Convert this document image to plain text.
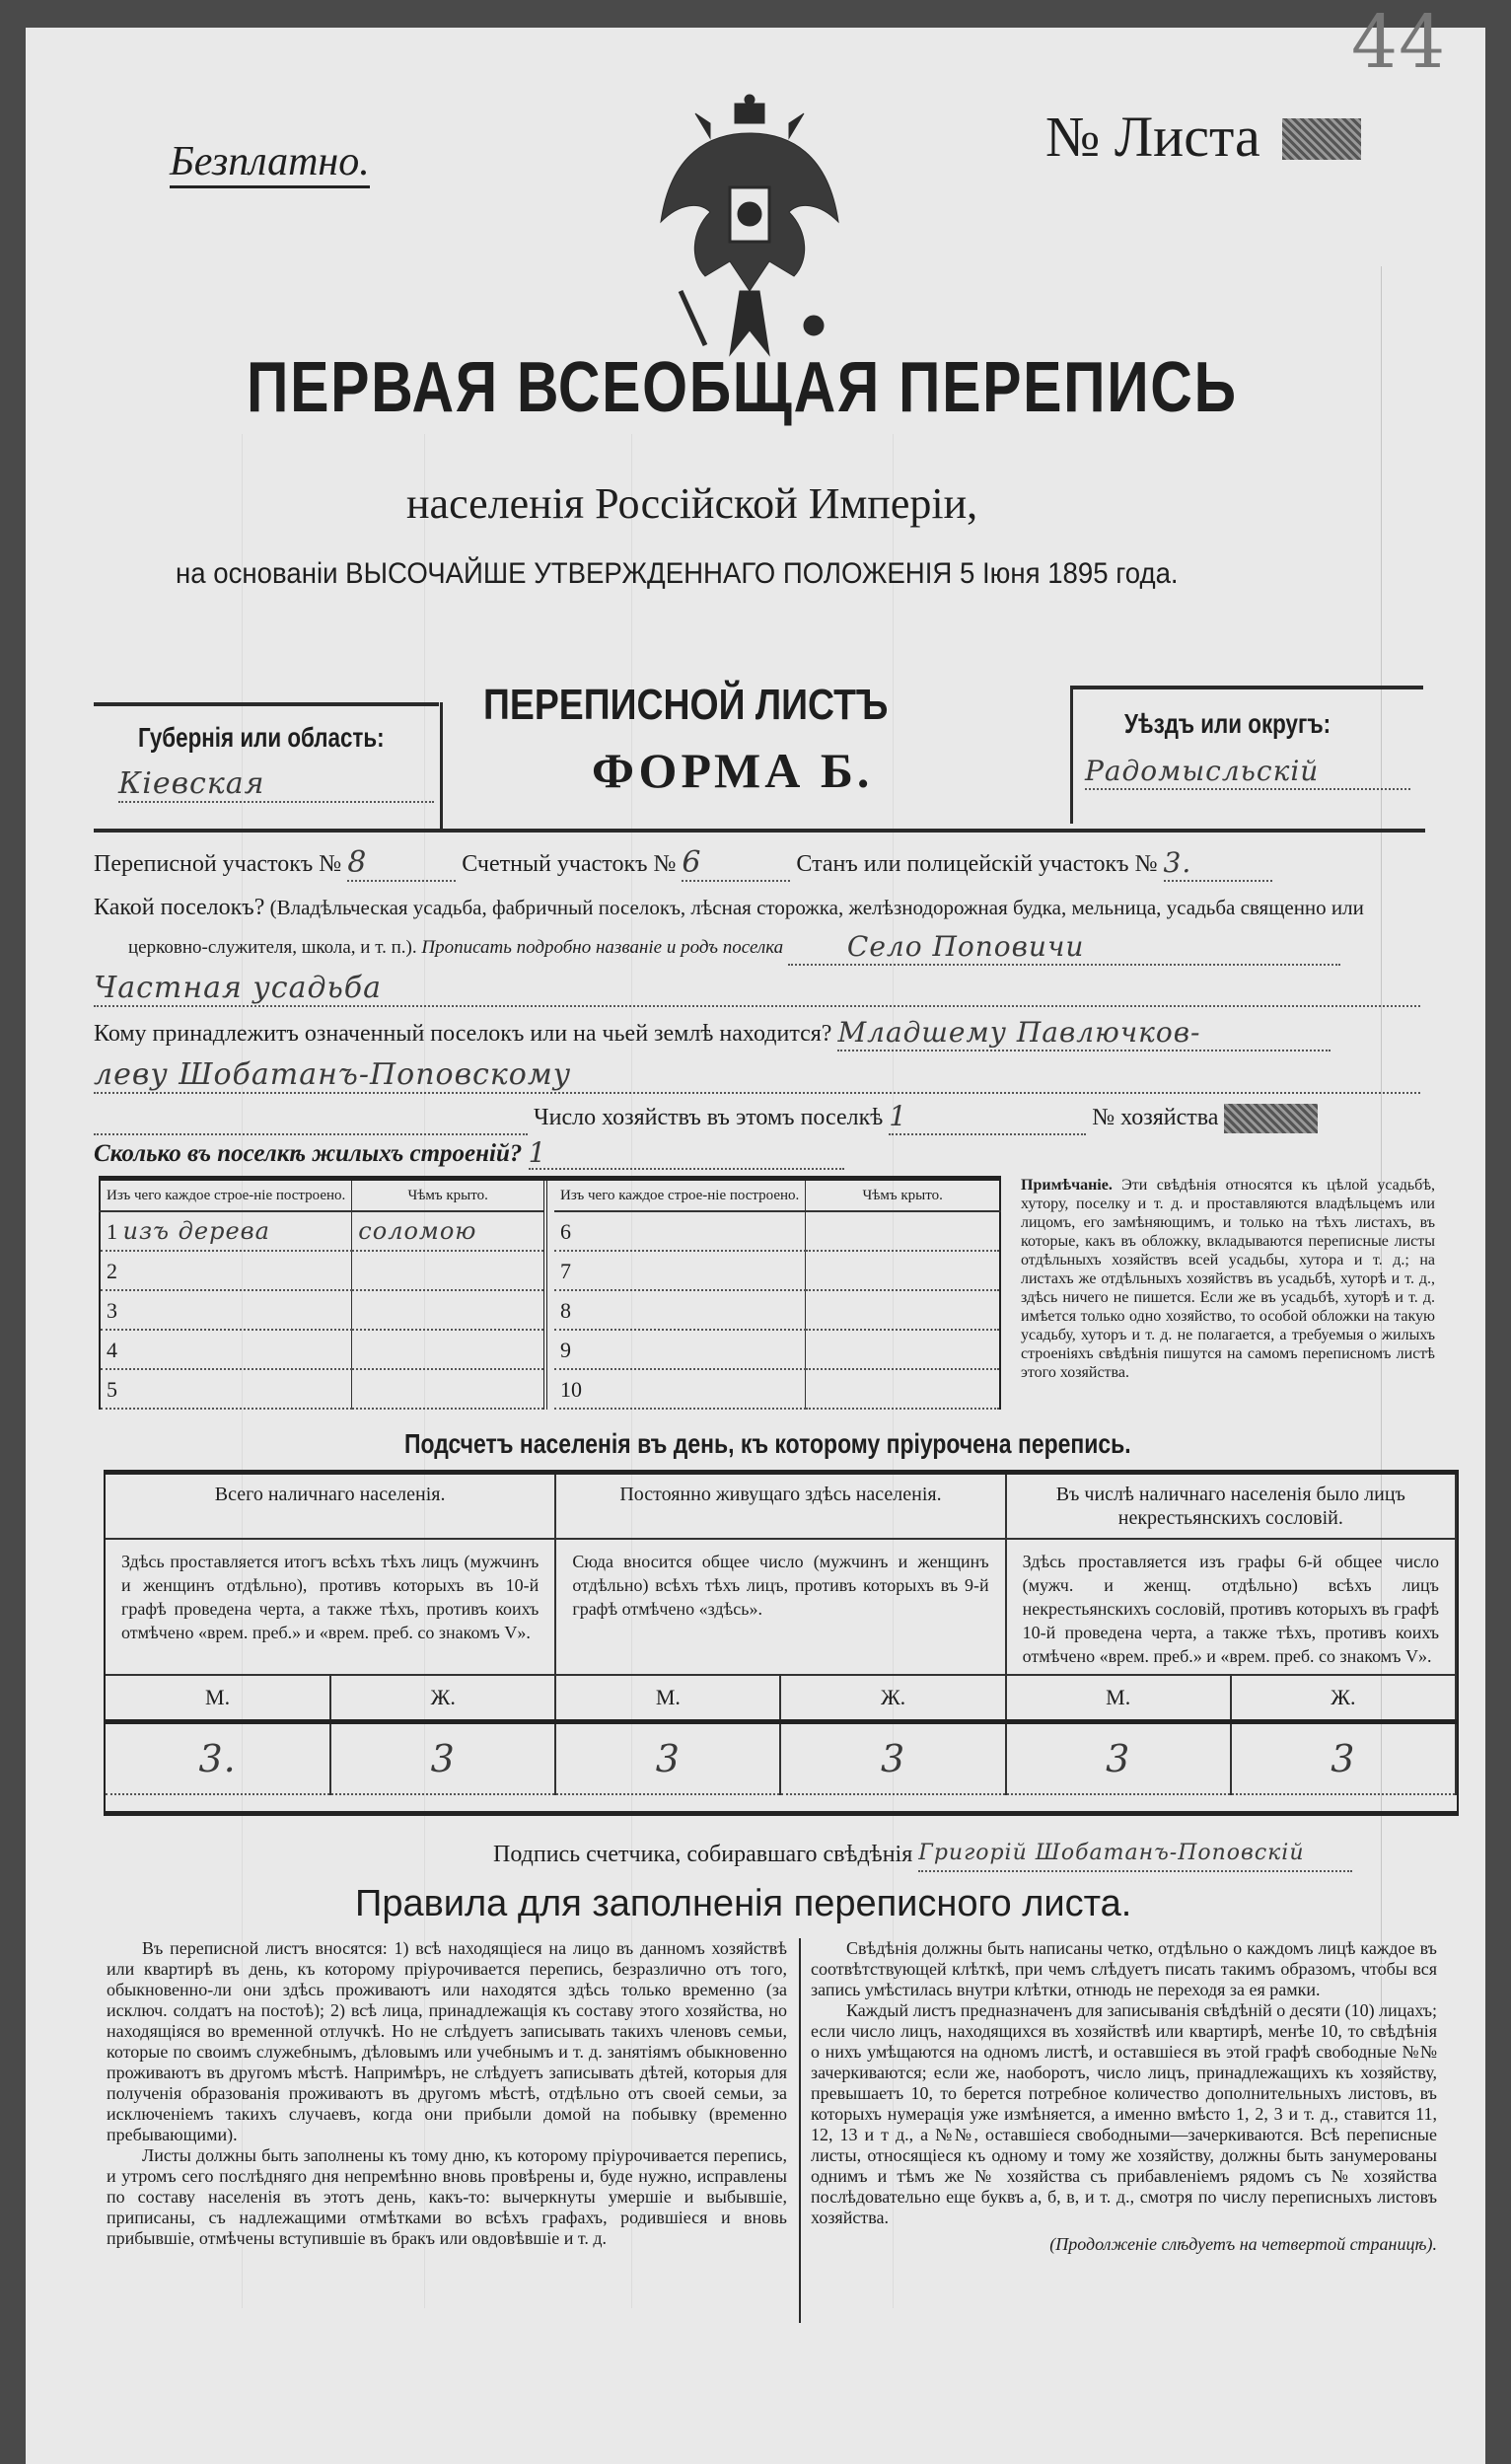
44
Безплатно.	№ Листа
ПЕРВАЯ ВСЕОБЩАЯ ПЕРЕПИСЬ
населенія Россійской Имперіи,
на основаніи ВЫСОЧАЙШЕ УТВЕРЖДЕННАГО ПОЛОЖЕНІЯ 5 Іюня 1895 года.
Губернія или область:
Кіевская
ПЕРЕПИСНОЙ ЛИСТЪ
ФОРМА Б.
Уѣздъ или округъ:
Радомысльскій
Переписной участокъ № 8	Счетный участокъ № 6	Станъ или полицейскій участокъ № 3.
Какой поселокъ? (Владѣльческая усадьба, фабричный поселокъ, лѣсная сторожка, желѣзнодорожная будка, мельница, усадьба священно или
церковно-служителя, школа, и т. п.). Прописать подробно названіе и родъ поселка Село Поповичи
Частная усадьба
Кому принадлежитъ означенный поселокъ или на чьей землѣ находится? Младшему Павлючков-
леву Шобатанъ-Поповскому
Число хозяйствъ въ этомъ поселкѣ 1	№ хозяйства
Сколько въ поселкѣ жилыхъ строеній? 1
Изъ чего каждое строе-ніе построено.	Чѣмъ крыто.
1 изъ дерева	соломою
2	
3	
4	
5	
Изъ чего каждое строе-ніе построено.	Чѣмъ крыто.
6	
7	
8	
9	
10	
Примѣчаніе. Эти свѣдѣнія относятся къ цѣлой усадьбѣ, хутору, поселку и т. д. и проставляются владѣльцемъ или лицомъ, его замѣняющимъ, и только на тѣхъ листахъ, въ которые, какъ въ обложку, вкладываются переписные листы отдѣльныхъ хозяйствъ всей усадьбы, хутора и т. д.; на листахъ же отдѣльныхъ хозяйствъ въ усадьбѣ, хуторѣ и т. д., здѣсь ничего не пишется. Если же въ усадьбѣ, хуторѣ и т. д. имѣется только одно хозяйство, то особой обложки на такую усадьбу, хуторъ и т. д. не полагается, а требуемыя о жилыхъ строеніяхъ свѣдѣнія пишутся на самомъ переписномъ листѣ этого хозяйства.
Подсчетъ населенія въ день, къ которому пріурочена перепись.
Всего наличнаго населенія.		Постоянно живущаго здѣсь населенія.		Въ числѣ наличнаго населенія было лицъ некрестьянскихъ сословій.	
Здѣсь проставляется итогъ всѣхъ тѣхъ лицъ (мужчинъ и женщинъ отдѣльно), противъ которыхъ въ 10-й графѣ проведена черта, а также тѣхъ, противъ коихъ отмѣчено «врем. преб.» и «врем. преб. со знакомъ V».		Сюда вносится общее число (мужчинъ и женщинъ отдѣльно) всѣхъ тѣхъ лицъ, противъ которыхъ въ 9-й графѣ отмѣчено «здѣсь».		Здѣсь проставляется изъ графы 6-й общее число (мужч. и женщ. отдѣльно) всѣхъ лицъ некрестьянскихъ сословій, противъ которыхъ въ графѣ 10-й проведена черта, а также тѣхъ, противъ коихъ отмѣчено «врем. преб.» и «врем. преб. со знакомъ V».	
М.	Ж.	М.	Ж.	М.	Ж.
3.	3	3	3	3	3

Подпись счетчика, собиравшаго свѣдѣнія Григорій Шобатанъ-Поповскій
Правила для заполненія переписного листа.

Въ переписной листъ вносятся: 1) всѣ находящіеся на лицо въ данномъ хозяйствѣ или квартирѣ въ день, къ которому пріурочивается перепись, безразлично отъ того, обыкновенно-ли они здѣсь проживаютъ или находятся здѣсь только временно (за исключ. солдатъ на постоѣ); 2) всѣ лица, принадлежащія къ составу этого хозяйства, но находящіяся во временной отлучкѣ. Но не слѣдуетъ записывать такихъ членовъ семьи, которые по своимъ служебнымъ, дѣловымъ или учебнымъ и т. д. занятіямъ обыкновенно проживаютъ въ другомъ мѣстѣ. Напримѣръ, не слѣдуетъ записывать дѣтей, которыя для полученія образованія проживаютъ въ другомъ мѣстѣ, отдѣльно отъ своей семьи, за исключеніемъ такихъ случаевъ, когда они прибыли домой на побывку (временно пребывающими).

Листы должны быть заполнены къ тому дню, къ которому пріурочивается перепись, и утромъ сего послѣдняго дня непремѣнно вновь провѣрены и, буде нужно, исправлены по составу населенія въ этотъ день, какъ-то: вычеркнуты умершіе и выбывшіе, приписаны, съ надлежащими отмѣтками во всѣхъ графахъ, родившіеся и вновь прибывшіе, отмѣчены вступившіе въ бракъ или овдовѣвшіе и т. д.

Свѣдѣнія должны быть написаны четко, отдѣльно о каждомъ лицѣ каждое въ соотвѣтствующей клѣткѣ, при чемъ слѣдуетъ писать такимъ образомъ, чтобы вся запись умѣстилась внутри клѣтки, отнюдь не переходя за ея рамки.

Каждый листъ предназначенъ для записыванія свѣдѣній о десяти (10) лицахъ; если число лицъ, находящихся въ хозяйствѣ или квартирѣ, менѣе 10, то свѣдѣнія о нихъ умѣщаются на одномъ листѣ, и оставшіеся въ этой графѣ свободные №№ зачеркиваются; если же, наоборотъ, число лицъ, принадлежащихъ къ хозяйству, превышаетъ 10, то берется потребное количество дополнительныхъ листовъ, въ которыхъ нумерація уже измѣняется, а именно вмѣсто 1, 2, 3 и т. д., ставится 11, 12, 13 и т д., а №№, оставшіеся свободными—зачеркиваются. Всѣ переписные листы, относящіеся къ одному и тому же хозяйству, должны быть занумерованы однимъ и тѣмъ же № хозяйства съ прибавленіемъ рядомъ съ № хозяйства послѣдовательно еще буквъ а, б, в, и т. д., смотря по числу переписныхъ листовъ хозяйства.

(Продолженіе слѣдуетъ на четвертой страницѣ).
